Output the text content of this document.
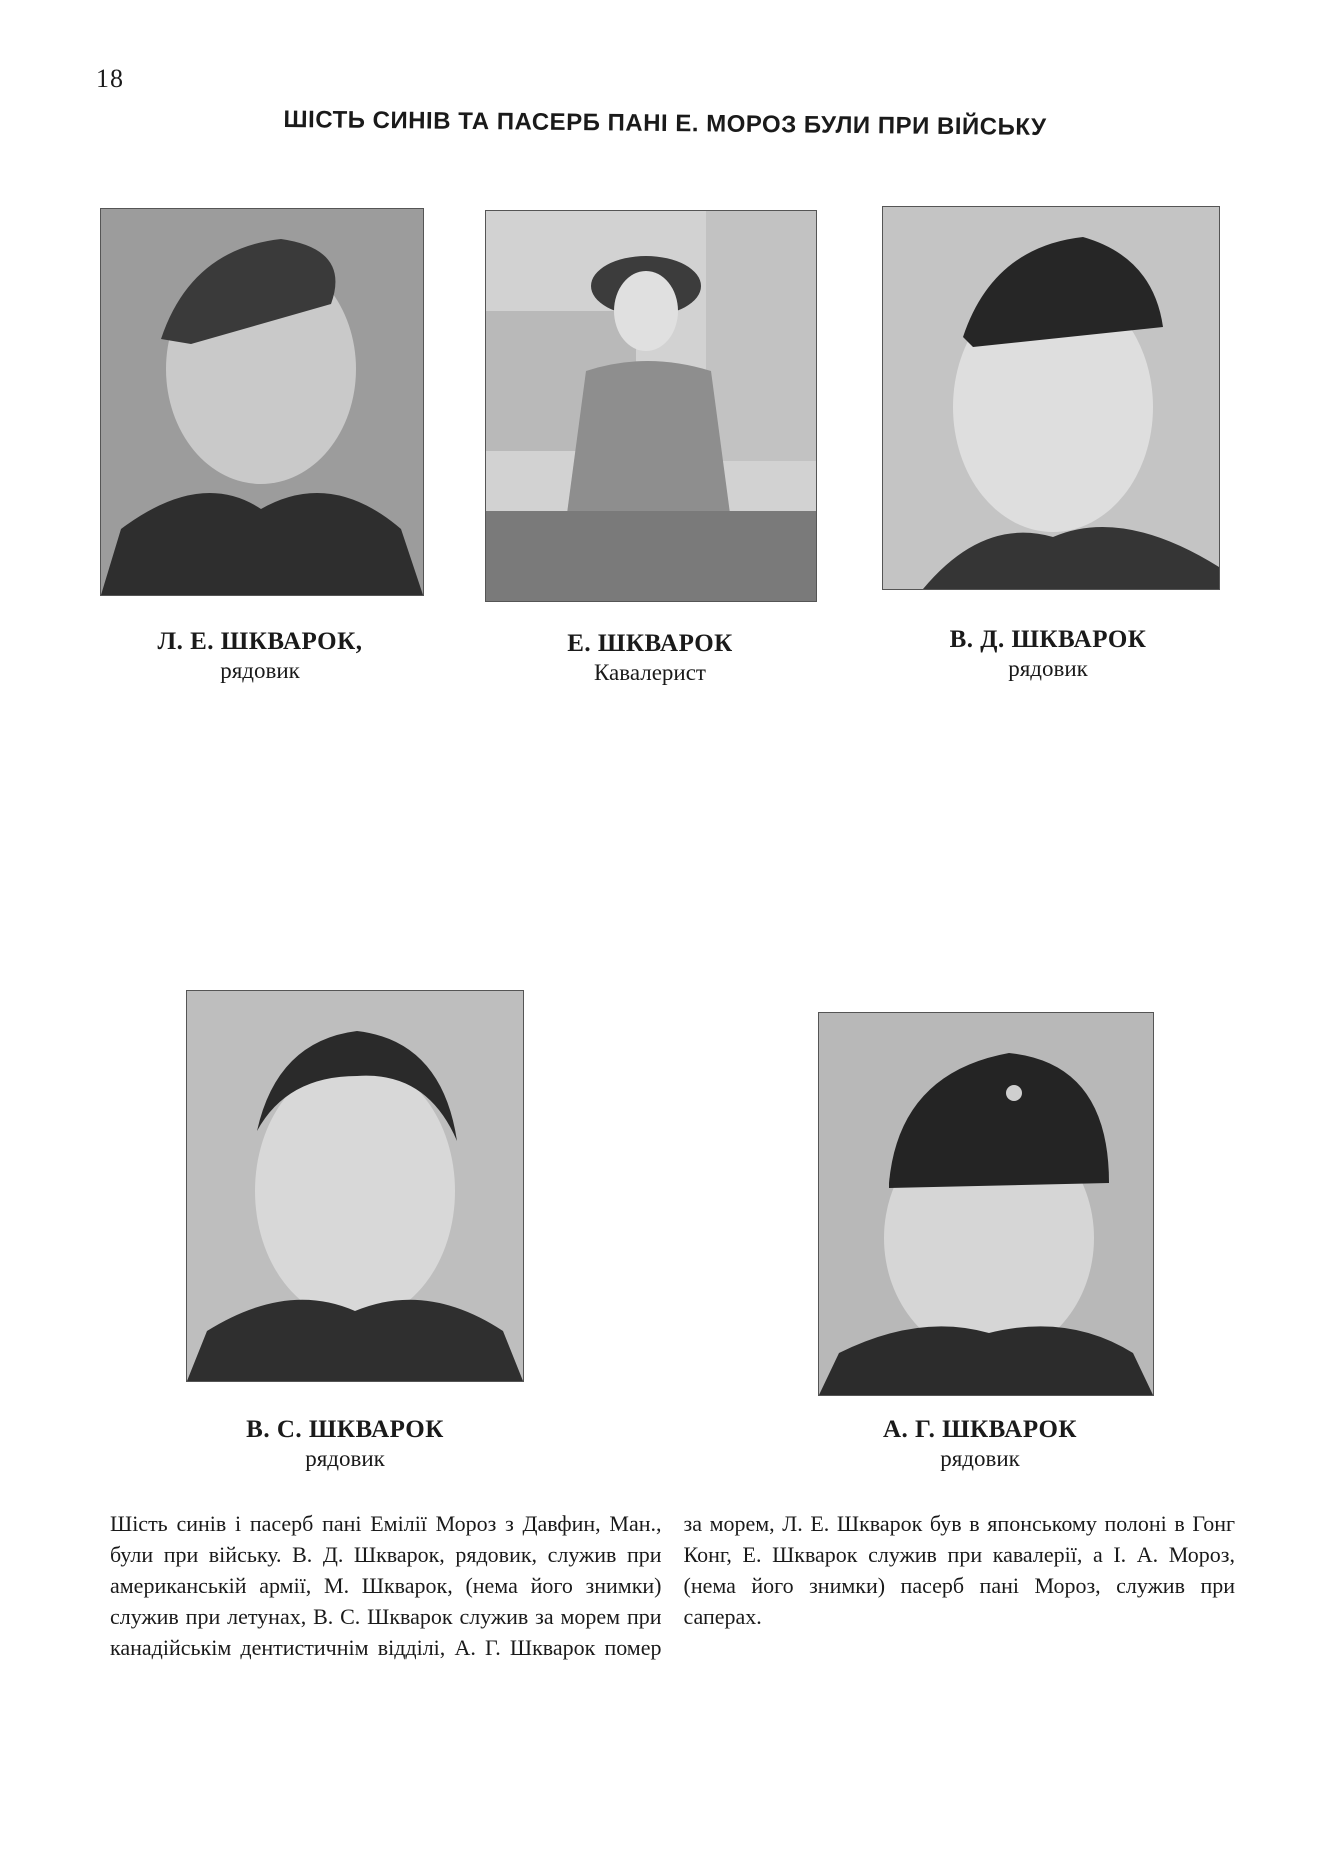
18
ШІСТЬ СИНІВ ТА ПАСЕРБ ПАНІ Е. МОРОЗ БУЛИ ПРИ ВІЙСЬКУ
Л. Е. ШКВАРОК,
рядовик
Е. ШКВАРОК
Кавалерист
В. Д. ШКВАРОК
рядовик
В. С. ШКВАРОК
рядовик
А. Г. ШКВАРОК
рядовик
Шість синів і пасерб пані Емілії Мороз з Давфин, Ман., були при війську. В. Д. Шкварок, рядовик, служив при американській армії, М. Шкварок, (нема його знимки) служив при летунах, В. С. Шкварок служив за морем при канадійськім дентистичнім відділі, А. Г. Шкварок помер за морем, Л. Е. Шкварок був в японському полоні в Гонг Конг, Е. Шкварок служив при кавалерії, а І. А. Мороз, (нема його знимки) пасерб пані Мороз, служив при саперах.
